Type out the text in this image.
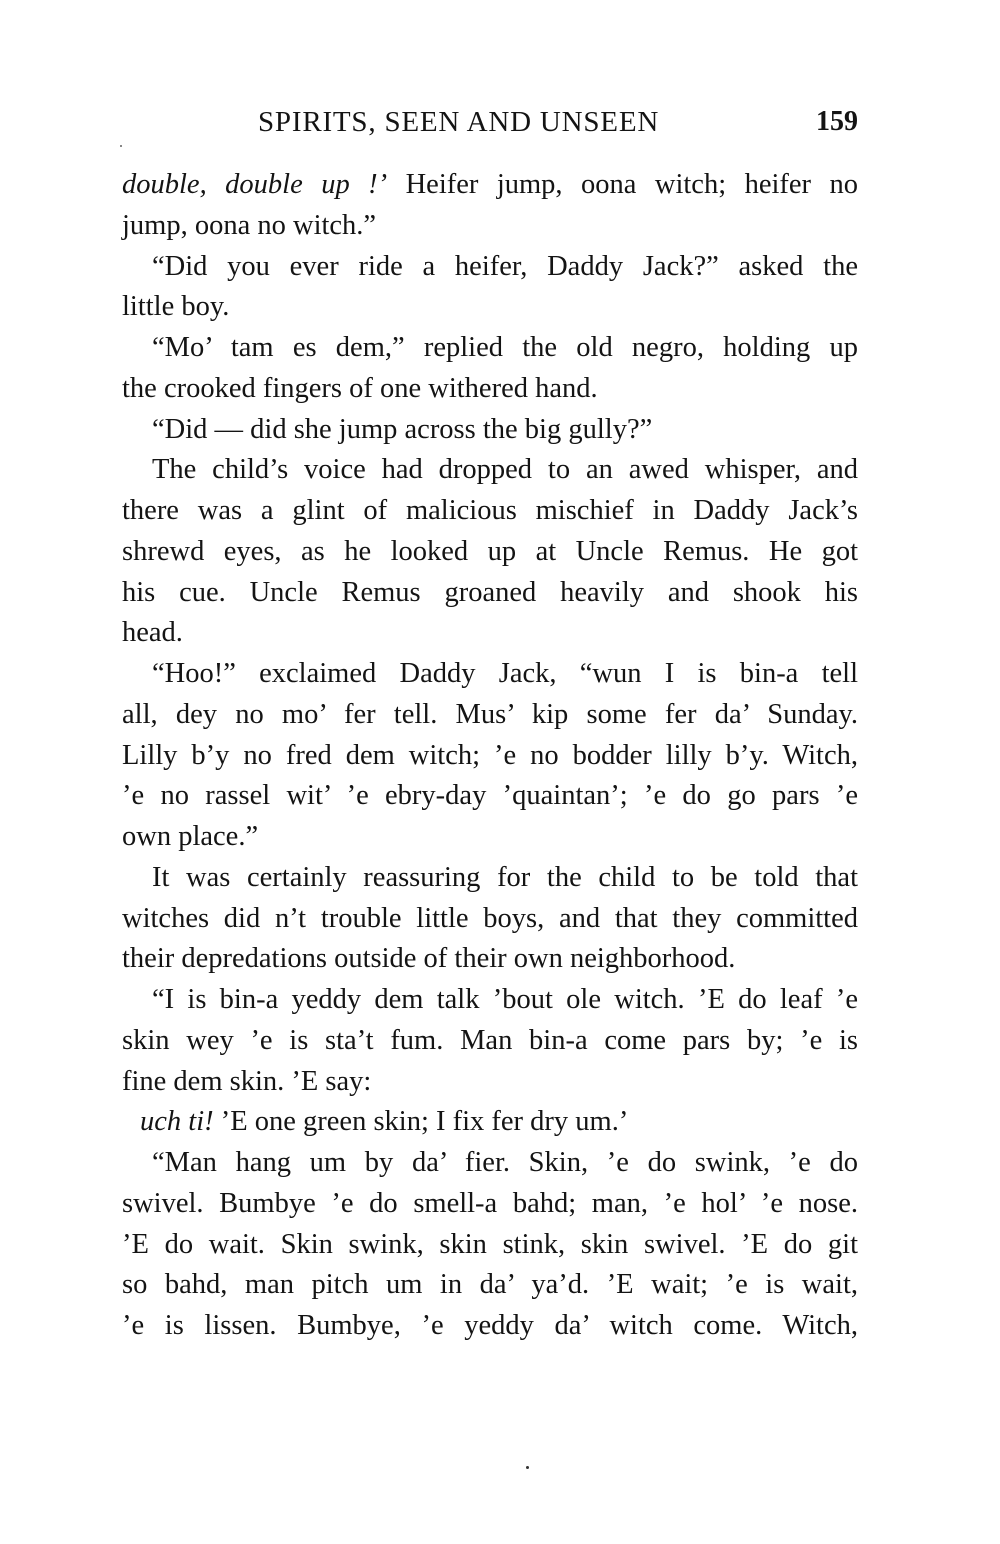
SPIRITS, SEEN AND UNSEEN	159
double, double up !’ Heifer jump, oona witch; heifer no
jump, oona no witch.”
“Did you ever ride a heifer, Daddy Jack?” asked the
little boy.
“Mo’ tam es dem,” replied the old negro, holding up
the crooked fingers of one withered hand.
“Did — did she jump across the big gully?”
The child’s voice had dropped to an awed whisper, and
there was a glint of malicious mischief in Daddy Jack’s
shrewd eyes, as he looked up at Uncle Remus. He got
his cue. Uncle Remus groaned heavily and shook his
head.
“Hoo!” exclaimed Daddy Jack, “wun I is bin-a tell
all, dey no mo’ fer tell. Mus’ kip some fer da’ Sunday.
Lilly b’y no fred dem witch; ’e no bodder lilly b’y. Witch,
’e no rassel wit’ ’e ebry-day ’quaintan’; ’e do go pars ’e
own place.”
It was certainly reassuring for the child to be told that
witches did n’t trouble little boys, and that they committed
their depredations outside of their own neighborhood.
“I is bin-a yeddy dem talk ’bout ole witch. ’E do leaf ’e
skin wey ’e is sta’t fum. Man bin-a come pars by; ’e is
fine dem skin. ’E say:
uch ti! ’E one green skin; I fix fer dry um.’
“Man hang um by da’ fier. Skin, ’e do swink, ’e do
swivel. Bumbye ’e do smell-a bahd; man, ’e hol’ ’e nose.
’E do wait. Skin swink, skin stink, skin swivel. ’E do git
so bahd, man pitch um in da’ ya’d. ’E wait; ’e is wait,
’e is lissen. Bumbye, ’e yeddy da’ witch come. Witch,
